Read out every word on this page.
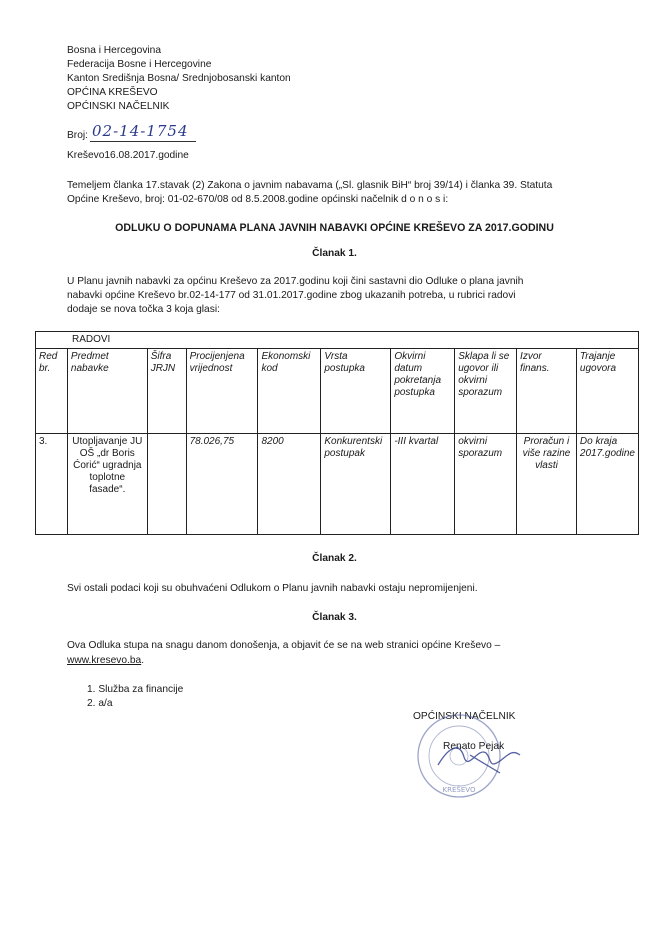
Bosna i Hercegovina
Federacija Bosne i Hercegovine
Kanton Središnja Bosna/ Srednjobosanski kanton
OPĆINA KREŠEVO
OPĆINSKI NAČELNIK
Broj: 02-14-1754
Kreševo16.08.2017.godine
Temeljem članka 17.stavak (2) Zakona o javnim nabavama („Sl. glasnik BiH“ broj 39/14) i članka 39. Statuta
Općine Kreševo, broj: 01-02-670/08 od 8.5.2008.godine općinski načelnik d o n o s i:
ODLUKU O DOPUNAMA PLANA JAVNIH NABAVKI OPĆINE KREŠEVO ZA 2017.GODINU
Članak 1.
U Planu javnih nabavki za općinu Kreševo za 2017.godinu koji čini sastavni dio Odluke o plana javnih
nabavki općine Kreševo br.02-14-177 od 31.01.2017.godine zbog ukazanih potreba, u rubrici radovi
dodaje se nova točka 3 koja glasi:
RADOVI									
Red br.	Predmet nabavke	Šifra JRJN	Procijenjena vrijednost	Ekonomski kod	Vrsta postupka	Okvirni datum pokretanja postupka	Sklapa li se ugovor ili okvirni sporazum	Izvor finans.	Trajanje ugovora
3.	Utopljavanje JU OŠ „dr Boris Ćorić“ ugradnja toplotne fasade“.		78.026,75	8200	Konkurentski postupak	-III kvartal	okvirni sporazum	Proračun i više razine vlasti	Do kraja 2017.godine
Članak 2.
Svi ostali podaci koji su obuhvaćeni Odlukom o Planu javnih nabavki ostaju nepromijenjeni.
Članak 3.
Ova Odluka stupa na snagu danom donošenja, a objavit će se na web stranici općine Kreševo –
www.kresevo.ba.
1. Služba za financije
2. a/a
OPĆINSKI NAČELNIK
KREŠEVO
Renato Pejak
